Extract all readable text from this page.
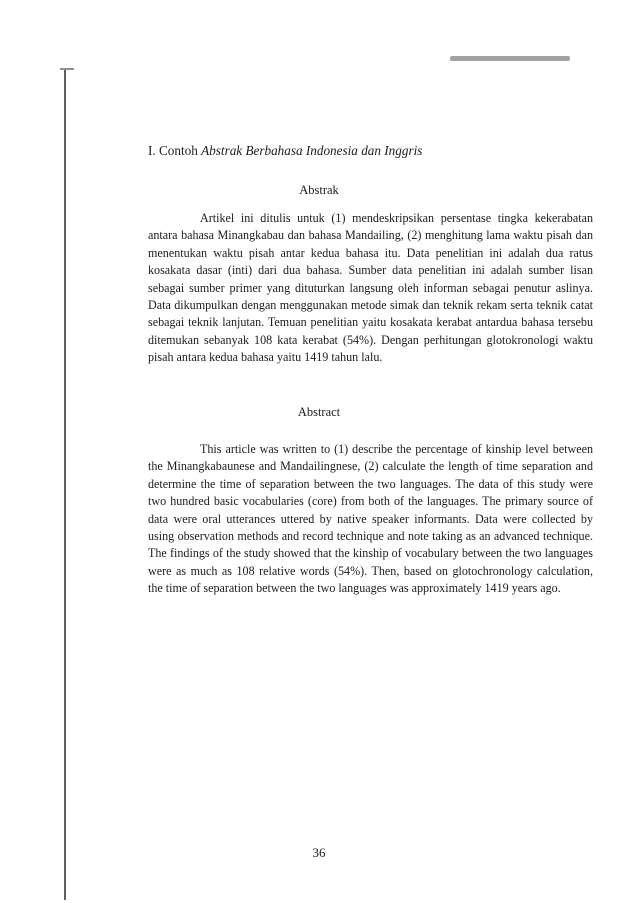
I. Contoh Abstrak Berbahasa Indonesia dan Inggris
Abstrak

Artikel ini ditulis untuk (1) mendeskripsikan persentase tingka kekerabatan antara bahasa Minangkabau dan bahasa Mandailing, (2) menghitung lama waktu pisah dan menentukan waktu pisah antar kedua bahasa itu. Data penelitian ini adalah dua ratus kosakata dasar (inti) dari dua bahasa. Sumber data penelitian ini adalah sumber lisan sebagai sumber primer yang dituturkan langsung oleh informan sebagai penutur aslinya. Data dikumpulkan dengan menggunakan metode simak dan teknik rekam serta teknik catat sebagai teknik lanjutan. Temuan penelitian yaitu kosakata kerabat antardua bahasa tersebu ditemukan sebanyak 108 kata kerabat (54%). Dengan perhitungan glotokronologi waktu pisah antara kedua bahasa yaitu 1419 tahun lalu.

Abstract

This article was written to (1) describe the percentage of kinship level between the Minangkabaunese and Mandailingnese, (2) calculate the length of time separation and determine the time of separation between the two languages. The data of this study were two hundred basic vocabularies (core) from both of the languages. The primary source of data were oral utterances uttered by native speaker informants. Data were collected by using observation methods and record technique and note taking as an advanced technique. The findings of the study showed that the kinship of vocabulary between the two languages were as much as 108 relative words (54%). Then, based on glotochronology calculation, the time of separation between the two languages was approximately 1419 years ago.

36
